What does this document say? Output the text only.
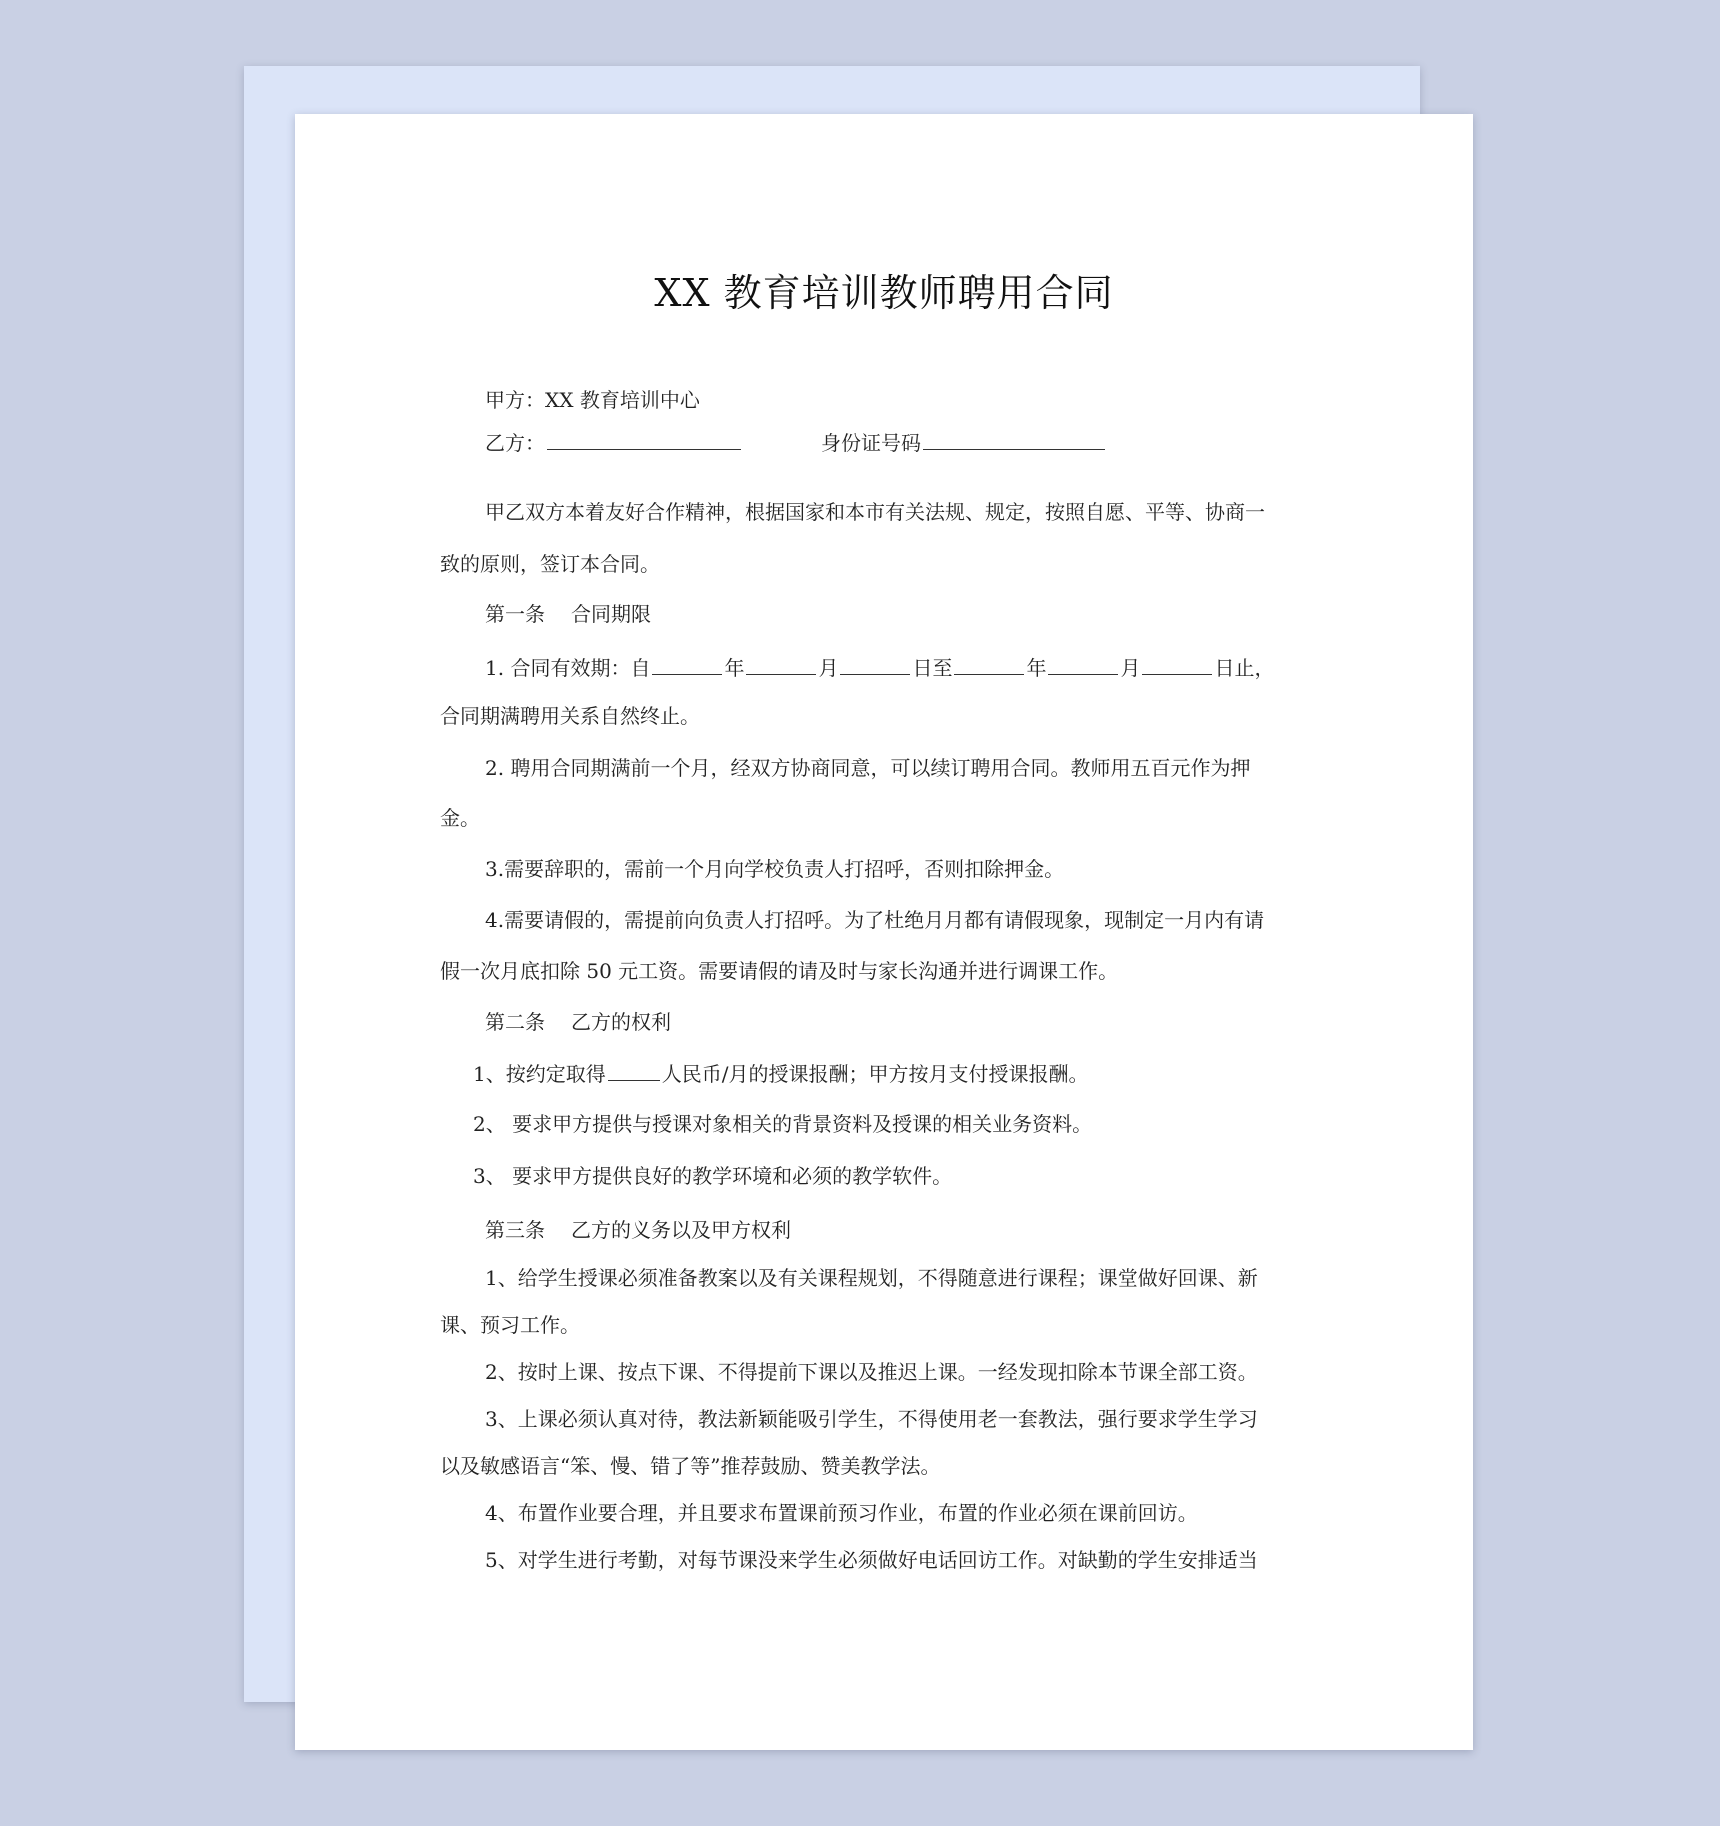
XX 教育培训教师聘用合同
甲方：XX 教育培训中心
乙方：	身份证号码
甲乙双方本着友好合作精神，根据国家和本市有关法规、规定，按照自愿、平等、协商一
致的原则，签订本合同。
第一条 合同期限
1. 合同有效期：自	年	月	日至	年	月	日止，
合同期满聘用关系自然终止。
2. 聘用合同期满前一个月，经双方协商同意，可以续订聘用合同。教师用五百元作为押
金。
3.需要辞职的，需前一个月向学校负责人打招呼，否则扣除押金。
4.需要请假的，需提前向负责人打招呼。为了杜绝月月都有请假现象，现制定一月内有请
假一次月底扣除 50 元工资。需要请假的请及时与家长沟通并进行调课工作。
第二条 乙方的权利
1、按约定取得	人民币/月的授课报酬；甲方按月支付授课报酬。
2、 要求甲方提供与授课对象相关的背景资料及授课的相关业务资料。
3、 要求甲方提供良好的教学环境和必须的教学软件。
第三条 乙方的义务以及甲方权利
1、给学生授课必须准备教案以及有关课程规划，不得随意进行课程；课堂做好回课、新
课、预习工作。
2、按时上课、按点下课、不得提前下课以及推迟上课。一经发现扣除本节课全部工资。
3、上课必须认真对待，教法新颖能吸引学生，不得使用老一套教法，强行要求学生学习
以及敏感语言“笨、慢、错了等”推荐鼓励、赞美教学法。
4、布置作业要合理，并且要求布置课前预习作业，布置的作业必须在课前回访。
5、对学生进行考勤，对每节课没来学生必须做好电话回访工作。对缺勤的学生安排适当
